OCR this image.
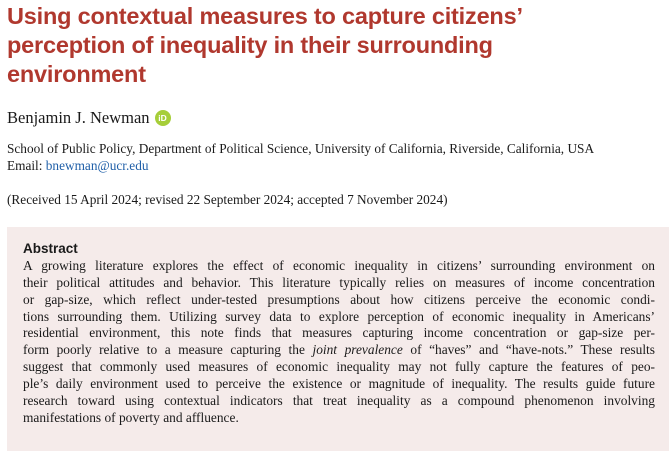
Using contextual measures to capture citizens’
perception of inequality in their surrounding
environment
Benjamin J. Newman	iD
School of Public Policy, Department of Political Science, University of California, Riverside, California, USA
Email: bnewman@ucr.edu
(Received 15 April 2024; revised 22 September 2024; accepted 7 November 2024)
Abstract
A growing literature explores the effect of economic inequality in citizens’ surrounding environment on
their political attitudes and behavior. This literature typically relies on measures of income concentration
or gap-size, which reflect under-tested presumptions about how citizens perceive the economic condi-
tions surrounding them. Utilizing survey data to explore perception of economic inequality in Americans’
residential environment, this note finds that measures capturing income concentration or gap-size per-
form poorly relative to a measure capturing the joint prevalence of “haves” and “have-nots.” These results
suggest that commonly used measures of economic inequality may not fully capture the features of peo-
ple’s daily environment used to perceive the existence or magnitude of inequality. The results guide future
research toward using contextual indicators that treat inequality as a compound phenomenon involving
manifestations of poverty and affluence.
